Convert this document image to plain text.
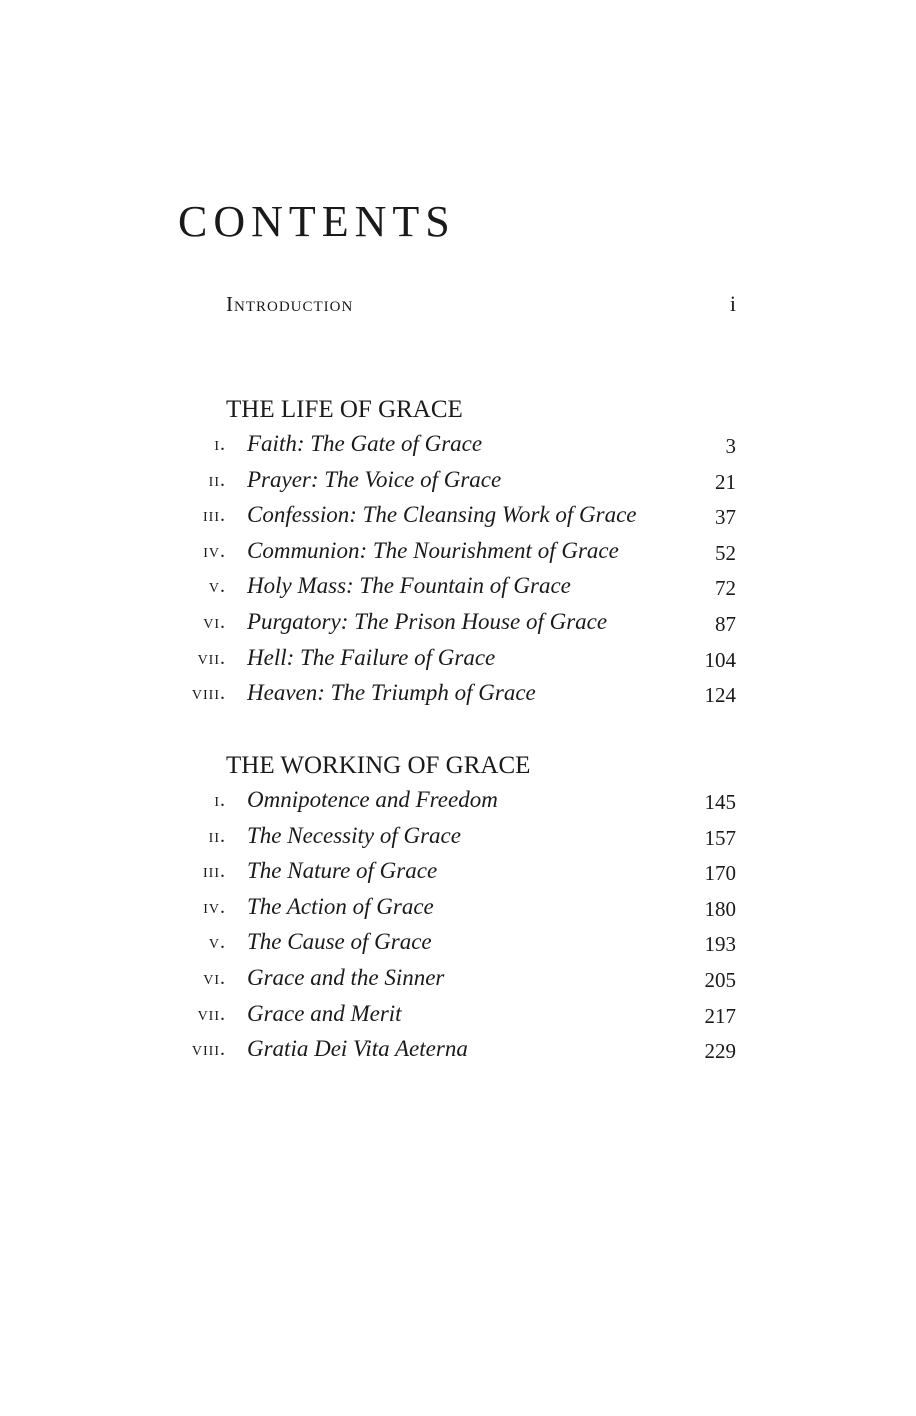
CONTENTS
Introduction	i
THE LIFE OF GRACE
i. Faith: The Gate of Grace	3
ii. Prayer: The Voice of Grace	21
iii. Confession: The Cleansing Work of Grace	37
iv. Communion: The Nourishment of Grace	52
v. Holy Mass: The Fountain of Grace	72
vi. Purgatory: The Prison House of Grace	87
vii. Hell: The Failure of Grace	104
viii. Heaven: The Triumph of Grace	124
THE WORKING OF GRACE
i. Omnipotence and Freedom	145
ii. The Necessity of Grace	157
iii. The Nature of Grace	170
iv. The Action of Grace	180
v. The Cause of Grace	193
vi. Grace and the Sinner	205
vii. Grace and Merit	217
viii. Gratia Dei Vita Aeterna	229
